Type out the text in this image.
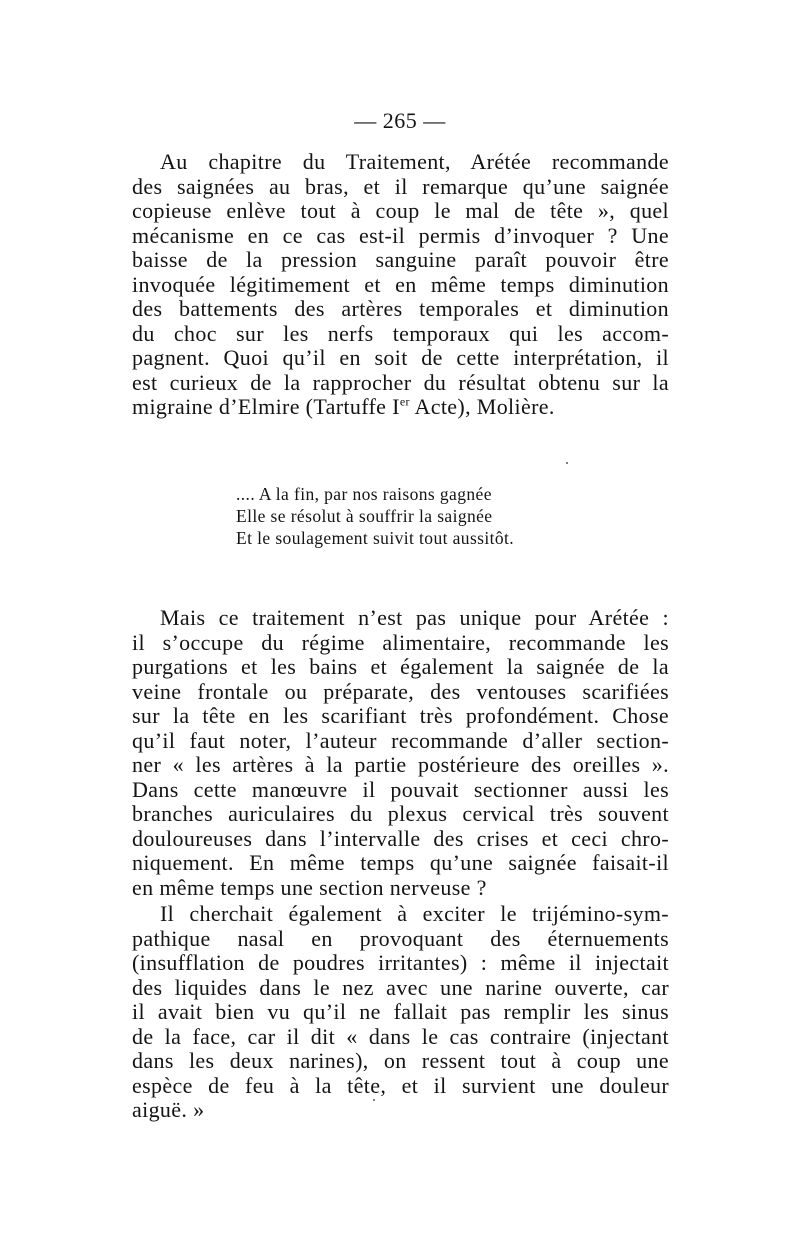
— 265 —
Au chapitre du Traitement, Arétée recommande
des saignées au bras, et il remarque qu’une saignée
copieuse enlève tout à coup le mal de tête », quel
mécanisme en ce cas est-il permis d’invoquer ? Une
baisse de la pression sanguine paraît pouvoir être
invoquée légitimement et en même temps diminution
des battements des artères temporales et diminution
du choc sur les nerfs temporaux qui les accom-
pagnent. Quoi qu’il en soit de cette interprétation, il
est curieux de la rapprocher du résultat obtenu sur la
migraine d’Elmire (Tartuffe Ier Acte), Molière.
.... A la fin, par nos raisons gagnée
Elle se résolut à souffrir la saignée
Et le soulagement suivit tout aussitôt.
Mais ce traitement n’est pas unique pour Arétée :
il s’occupe du régime alimentaire, recommande les
purgations et les bains et également la saignée de la
veine frontale ou préparate, des ventouses scarifiées
sur la tête en les scarifiant très profondément. Chose
qu’il faut noter, l’auteur recommande d’aller section-
ner « les artères à la partie postérieure des oreilles ».
Dans cette manœuvre il pouvait sectionner aussi les
branches auriculaires du plexus cervical très souvent
douloureuses dans l’intervalle des crises et ceci chro-
niquement. En même temps qu’une saignée faisait-il
en même temps une section nerveuse ?
Il cherchait également à exciter le trijémino-sym-
pathique nasal en provoquant des éternuements
(insufflation de poudres irritantes) : même il injectait
des liquides dans le nez avec une narine ouverte, car
il avait bien vu qu’il ne fallait pas remplir les sinus
de la face, car il dit « dans le cas contraire (injectant
dans les deux narines), on ressent tout à coup une
espèce de feu à la tête, et il survient une douleur
aiguë. »
